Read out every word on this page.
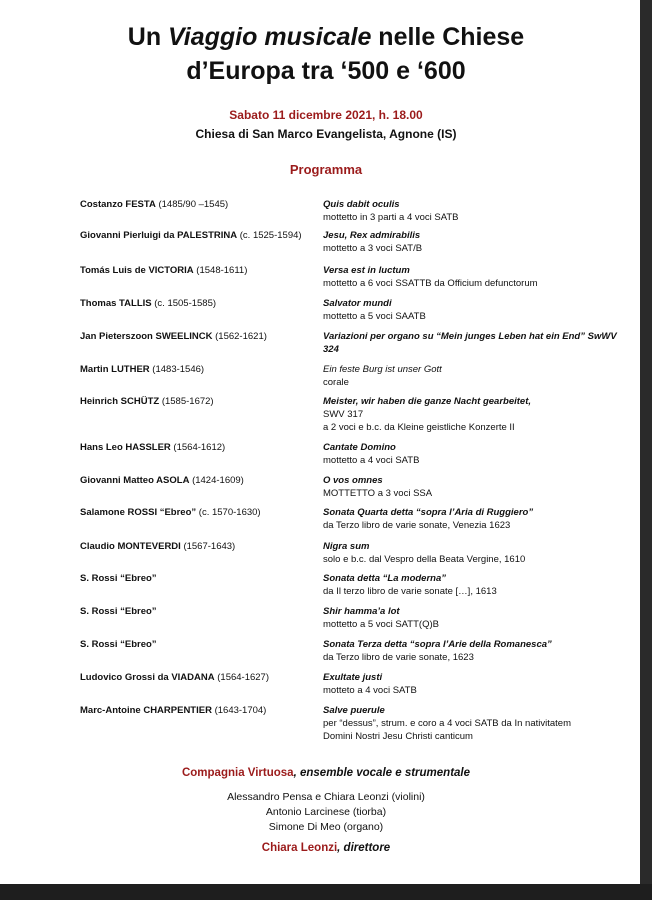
Un Viaggio musicale nelle Chiese
d’Europa tra ‘500 e ‘600
Sabato 11 dicembre 2021, h. 18.00
Chiesa di San Marco Evangelista, Agnone (IS)
Programma
Costanzo FESTA (1485/90 –1545)	Quis dabit oculis
mottetto in 3 parti a 4 voci SATB
Giovanni Pierluigi da PALESTRINA (c. 1525-1594)	Jesu, Rex admirabilis
mottetto a 3 voci SAT/B
Tomás Luis de VICTORIA (1548-1611)	Versa est in luctum
mottetto a 6 voci SSATTB da Officium defunctorum
Thomas TALLIS (c. 1505-1585)	Salvator mundi
mottetto a 5 voci SAATB
Jan Pieterszoon SWEELINCK (1562-1621)	Variazioni per organo su “Mein junges Leben hat ein End” SwWV 324
Martin LUTHER (1483-1546)	Ein feste Burg ist unser Gott
corale
Heinrich SCHÜTZ (1585-1672)	Meister, wir haben die ganze Nacht gearbeitet,
SWV 317
a 2 voci e b.c. da Kleine geistliche Konzerte II
Hans Leo HASSLER (1564-1612)	Cantate Domino
mottetto a 4 voci SATB
Giovanni Matteo ASOLA (1424-1609)	O vos omnes
MOTTETTO a 3 voci SSA
Salamone ROSSI “Ebreo” (c. 1570-1630)	Sonata Quarta detta “sopra l’Aria di Ruggiero”
da Terzo libro de varie sonate, Venezia 1623
Claudio MONTEVERDI (1567-1643)	Nigra sum
solo e b.c. dal Vespro della Beata Vergine, 1610
S. Rossi “Ebreo”	Sonata detta “La moderna”
da Il terzo libro de varie sonate […], 1613
S. Rossi “Ebreo”	Shir hamma’a lot
mottetto a 5 voci SATT(Q)B
S. Rossi “Ebreo”	Sonata Terza detta “sopra l’Arie della Romanesca”
da Terzo libro de varie sonate, 1623
Ludovico Grossi da VIADANA (1564-1627)	Exultate justi
motteto a 4 voci SATB
Marc-Antoine CHARPENTIER (1643-1704)	Salve puerule
per “dessus”, strum. e coro a 4 voci SATB da In nativitatem
Domini Nostri Jesu Christi canticum
Compagnia Virtuosa, ensemble vocale e strumentale
Alessandro Pensa e Chiara Leonzi (violini)
Antonio Larcinese (tiorba)
Simone Di Meo (organo)
Chiara Leonzi, direttore
